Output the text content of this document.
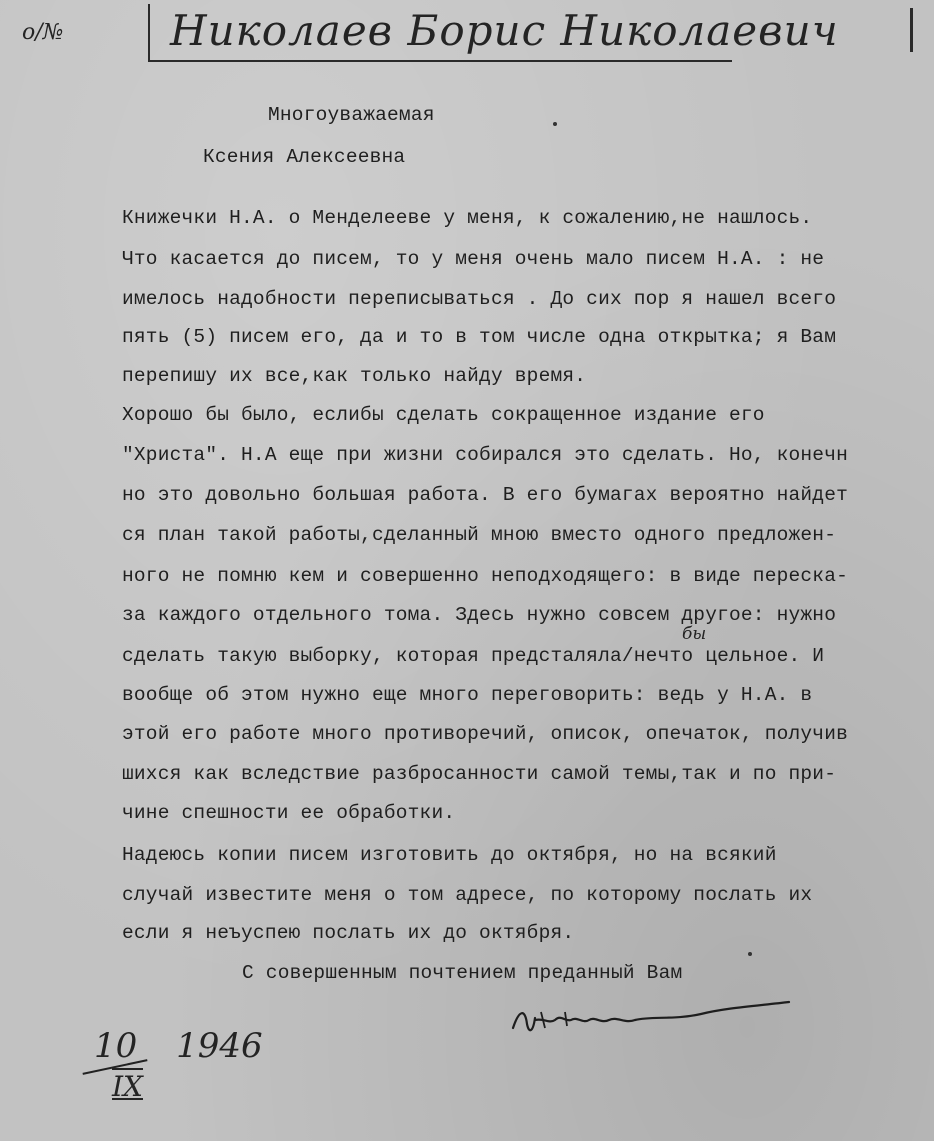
о/№	Николаев Борис Николаевич
Многоуважаемая
Ксения Алексеевна
Книжечки Н.А. о Менделееве у меня, к сожалению,не нашлось.
Что касается до писем, то у меня очень мало писем Н.А. : не
имелось надобности переписываться . До сих пор я нашел всего
пять (5) писем его, да и то в том числе одна открытка; я Вам
перепишу их все,как только найду время.
Хорошо бы было, еслибы сделать сокращенное издание его
"Христа". Н.А еще при жизни собирался это сделать. Но, конечн
но это довольно большая работа. В его бумагах вероятно найдет
ся план такой работы,сделанный мною вместо одного предложен-
ного не помню кем и совершенно неподходящего: в виде переска-
за каждого отдельного тома. Здесь нужно совсем другое: нужно
бы
сделать такую выборку, которая предсталяла/нечто цельное. И
вообще об этом нужно еще много переговорить: ведь у Н.А. в
этой его работе много противоречий, описок, опечаток, получив
шихся как вследствие разбросанности самой темы,так и по при-
чине спешности ее обработки.
Надеюсь копии писем изготовить до октября, но на всякий
случай известите меня о том адресе, по которому послать их
если я неъуспею послать их до октября.
С совершенным почтением преданный Вам
10 1946
IX
